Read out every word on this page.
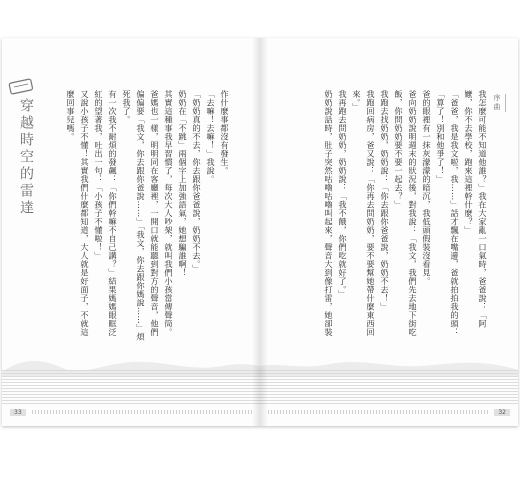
穿越時空的雷達	作什麼事都沒有發生。
「去嘛！去嘛！」我說。
「奶奶真的不去，你去跟你爸爸說，奶奶不去。」
奶奶在「不跳」兩個字上加強語氣，她想騙誰啊！
其實這種事我早習慣了，每次大人吵架，就叫我們小孩當傳聲筒。
爸媽也一樣，明明同在客廳裡，一開口就能聽到對方的聲音，他們偏偏要「我文，你去跟你爸說……」「我文，你去跟你媽說……」煩死我了。
有一次我不耐煩的發飆：「你們幹嘛不自己講？」結果媽媽眼眶泛紅的望著我，吐出一句：「小孩子不懂啦！」
又說小孩子不懂！其實我們什麼都知道，大人就是好面子，不就這麼回事兒嗎。
33
序曲
我怎麼可能不知道他誰？」我在大家亂一口氣時，爸爸說：「阿嬤，你不去學校，跑來這裡幹什麼？」
「爸爸，我是我文啦，我……」話才飄在嘴邊，爸就拍拍我的頭：
「算了！別和他爭了！」
爸的眼裡有一抹灰濛濛的暗沉，我低頭假裝沒看見。
爸向奶奶說明週末的狀況後，對我說：「我文，我們先去地下街吃飯，你問奶奶要不要一起去？」
我跑去找奶奶，奶奶說：「你去跟你爸爸說，奶奶不去！」
我跑回病房，爸又說：「你再去問奶奶，要不要幫她帶什麼東西回來。」
我再跑去問奶奶，奶奶說：「我不餓，你們吃就好了。」
奶奶說話時，肚子突然咕嚕咕嚕叫起來，聲音大到像打雷，她卻裝
32
